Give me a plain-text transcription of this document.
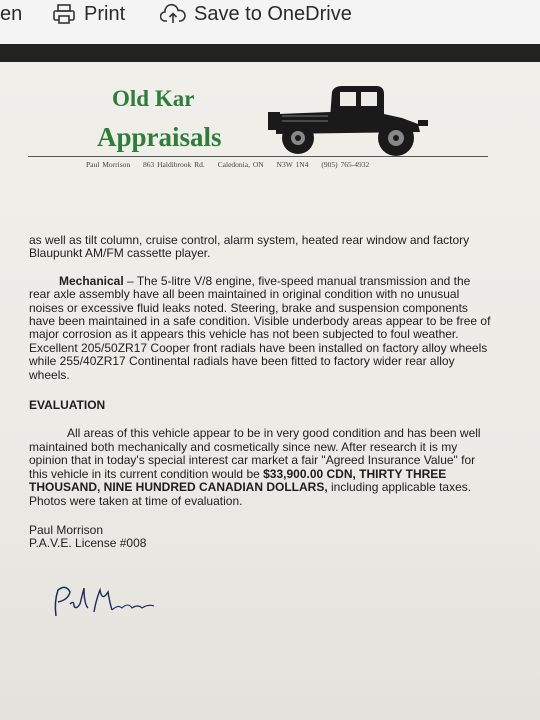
en	Print	Save to OneDrive
Old Kar
Appraisals
Paul Morrison 863 Haldibrook Rd. Caledonia, ON N3W 1N4 (905) 765-4932

as well as tilt column, cruise control, alarm system, heated rear window and factory Blaupunkt AM/FM cassette player.

Mechanical – The 5-litre V/8 engine, five-speed manual transmission and the rear axle assembly have all been maintained in original condition with no unusual noises or excessive fluid leaks noted. Steering, brake and suspension components have been maintained in a safe condition. Visible underbody areas appear to be free of major corrosion as it appears this vehicle has not been subjected to foul weather. Excellent 205/50ZR17 Cooper front radials have been installed on factory alloy wheels while 255/40ZR17 Continental radials have been fitted to factory wider rear alloy wheels.

EVALUATION

All areas of this vehicle appear to be in very good condition and has been well maintained both mechanically and cosmetically since new. After research it is my opinion that in today's special interest car market a fair "Agreed Insurance Value" for this vehicle in its current condition would be $33,900.00 CDN, THIRTY THREE THOUSAND, NINE HUNDRED CANADIAN DOLLARS, including applicable taxes. Photos were taken at time of evaluation.

Paul Morrison

P.A.V.E. License #008
